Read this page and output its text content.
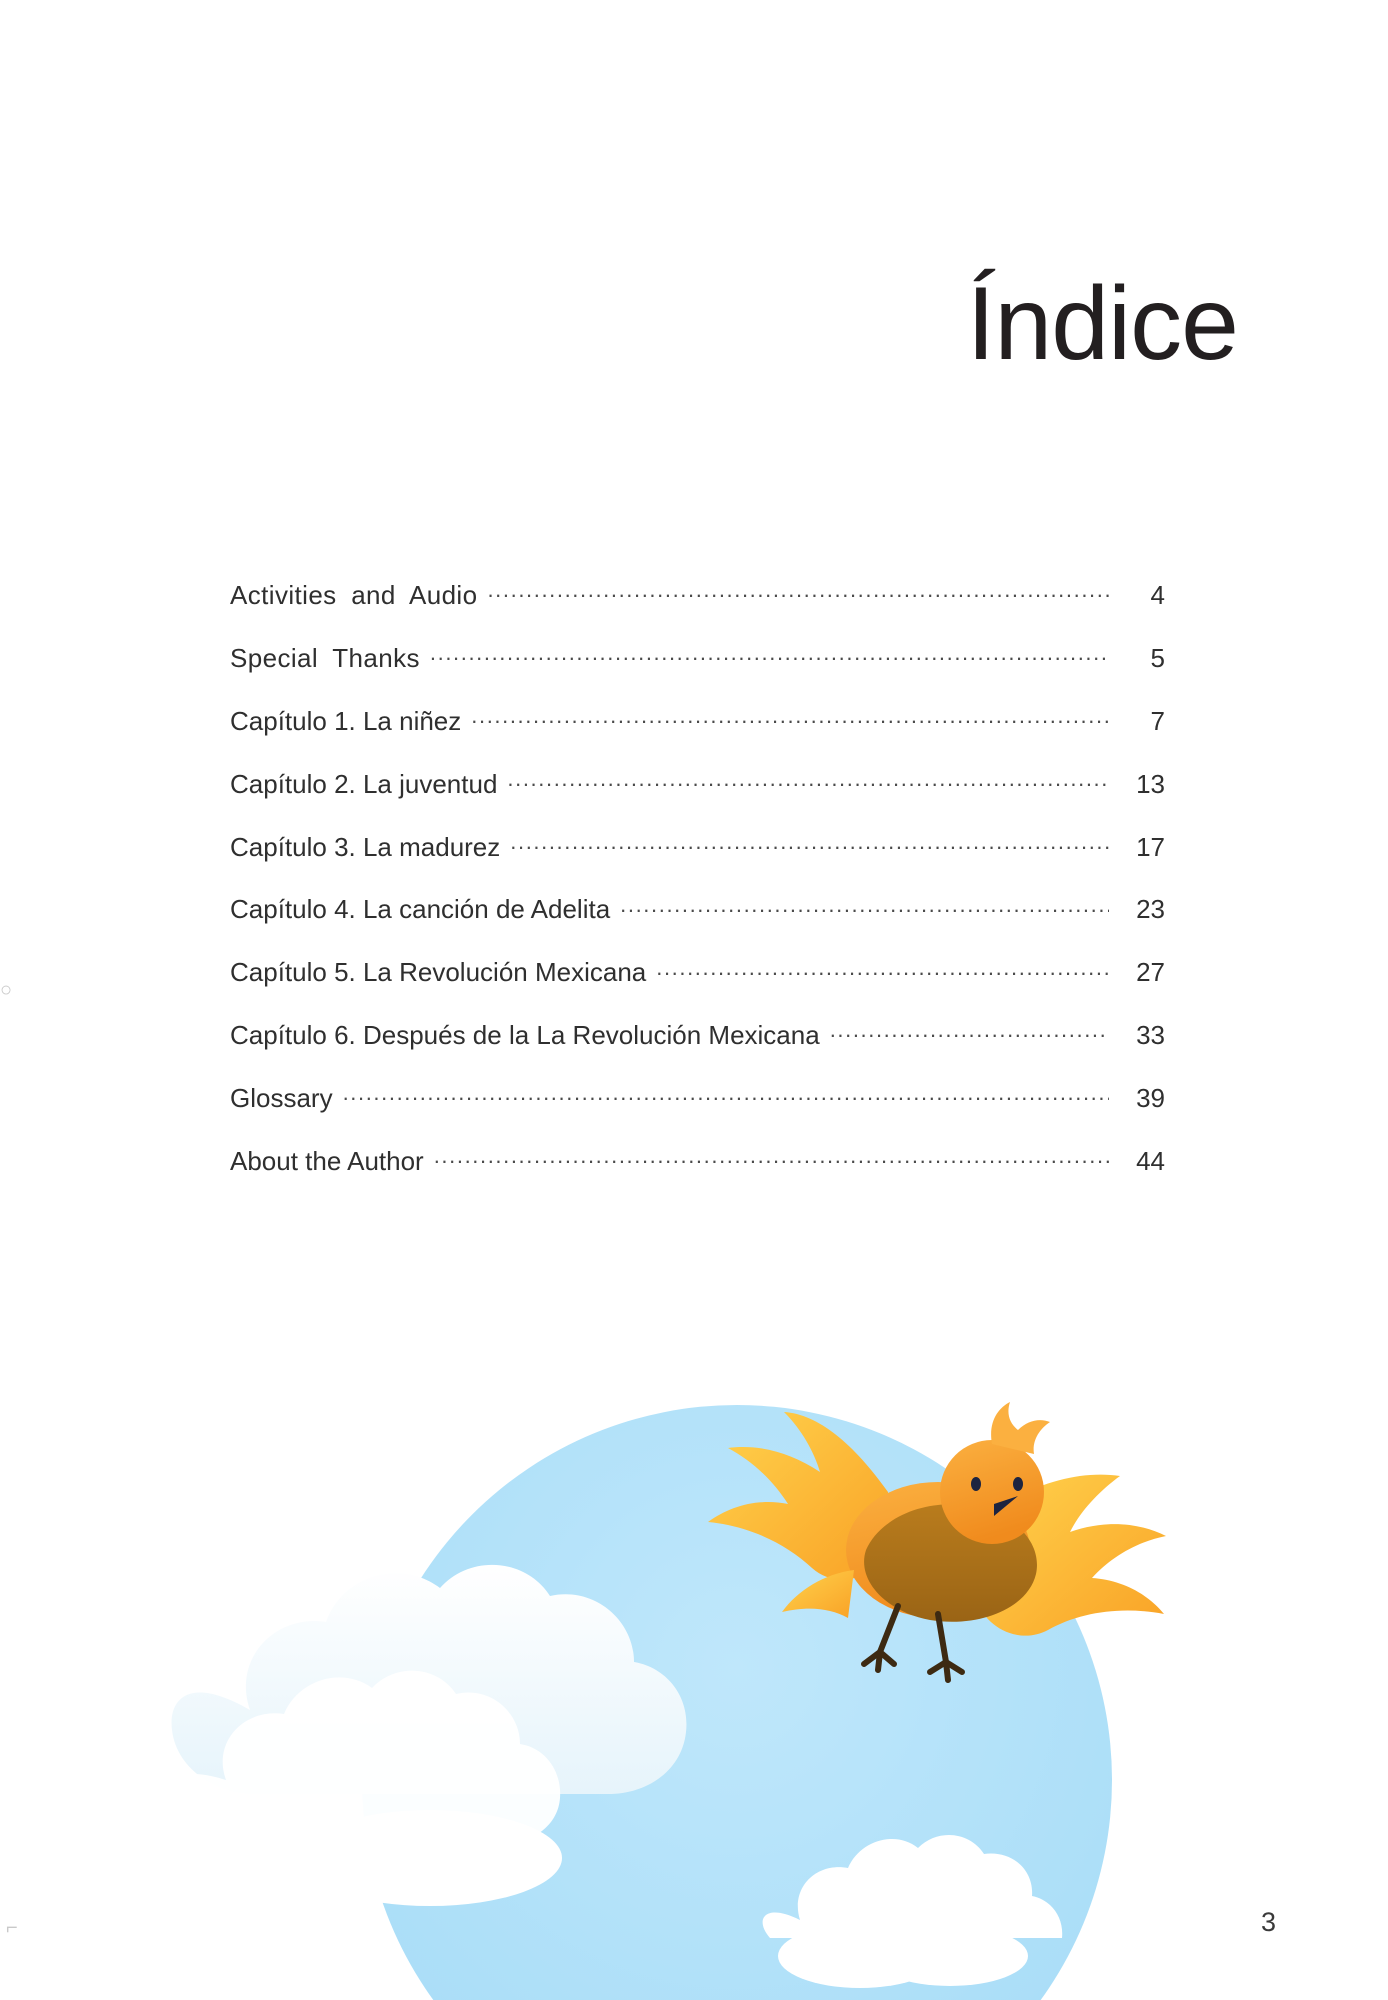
Índice
Activities and Audio .....	4
Special Thanks .....	5
Capítulo 1. La niñez .....	7
Capítulo 2. La juventud .....	13
Capítulo 3. La madurez .....	17
Capítulo 4. La canción de Adelita .....	23
Capítulo 5. La Revolución Mexicana .....	27
Capítulo 6. Después de la La Revolución Mexicana .....	33
Glossary .....	39
About the Author .....	44
3
○
⌐
